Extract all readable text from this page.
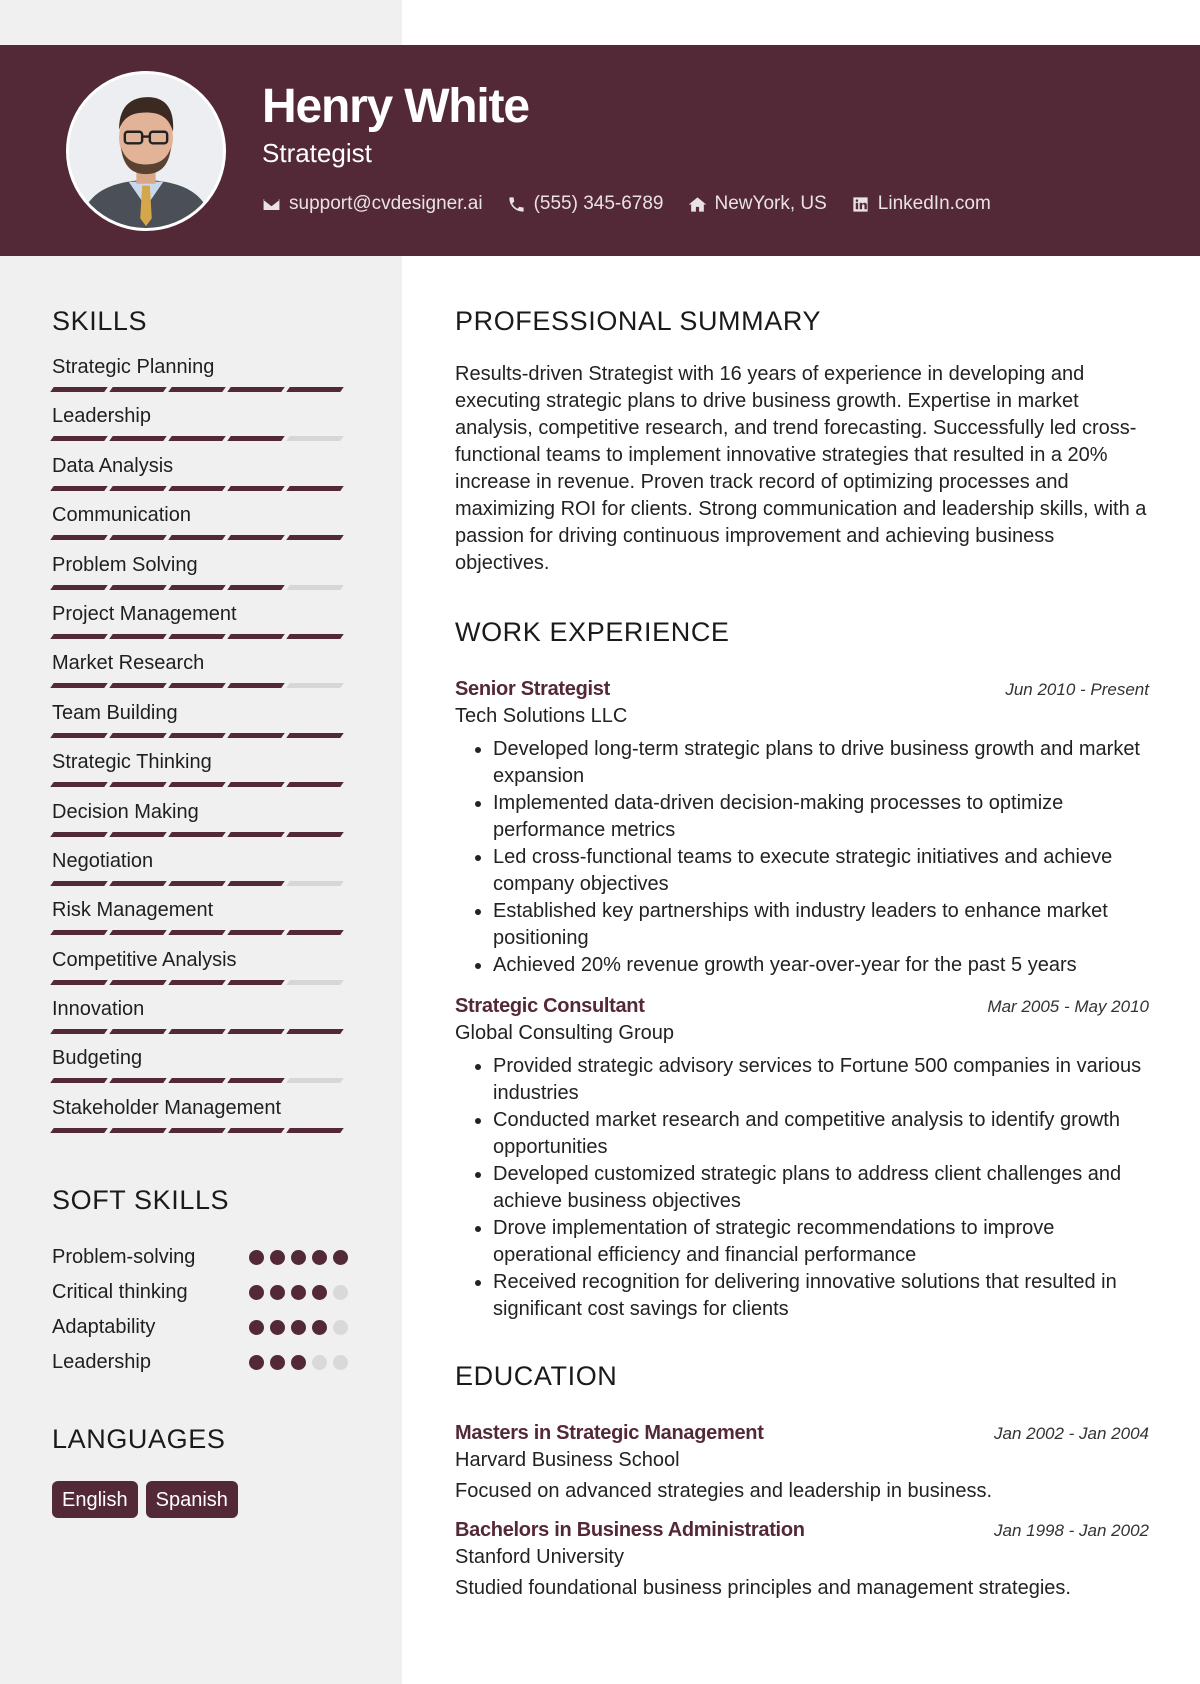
Henry White
Strategist
support@cvdesigner.ai	(555) 345-6789	NewYork, US	LinkedIn.com
SKILLS
Strategic Planning
Leadership
Data Analysis
Communication
Problem Solving
Project Management
Market Research
Team Building
Strategic Thinking
Decision Making
Negotiation
Risk Management
Competitive Analysis
Innovation
Budgeting
Stakeholder Management
SOFT SKILLS
Problem-solving
Critical thinking
Adaptability
Leadership
LANGUAGES
English	Spanish
PROFESSIONAL SUMMARY

Results-driven Strategist with 16 years of experience in developing and executing strategic plans to drive business growth. Expertise in market analysis, competitive research, and trend forecasting. Successfully led cross-functional teams to implement innovative strategies that resulted in a 20% increase in revenue. Proven track record of optimizing processes and maximizing ROI for clients. Strong communication and leadership skills, with a passion for driving continuous improvement and achieving business objectives.

WORK EXPERIENCE
Senior Strategist	Jun 2010 - Present
Tech Solutions LLC
• Developed long-term strategic plans to drive business growth and market expansion
• Implemented data-driven decision-making processes to optimize performance metrics
• Led cross-functional teams to execute strategic initiatives and achieve company objectives
• Established key partnerships with industry leaders to enhance market positioning
• Achieved 20% revenue growth year-over-year for the past 5 years
Strategic Consultant	Mar 2005 - May 2010
Global Consulting Group
• Provided strategic advisory services to Fortune 500 companies in various industries
• Conducted market research and competitive analysis to identify growth opportunities
• Developed customized strategic plans to address client challenges and achieve business objectives
• Drove implementation of strategic recommendations to improve operational efficiency and financial performance
• Received recognition for delivering innovative solutions that resulted in significant cost savings for clients
EDUCATION
Masters in Strategic Management	Jan 2002 - Jan 2004
Harvard Business School
Focused on advanced strategies and leadership in business.
Bachelors in Business Administration	Jan 1998 - Jan 2002
Stanford University
Studied foundational business principles and management strategies.
